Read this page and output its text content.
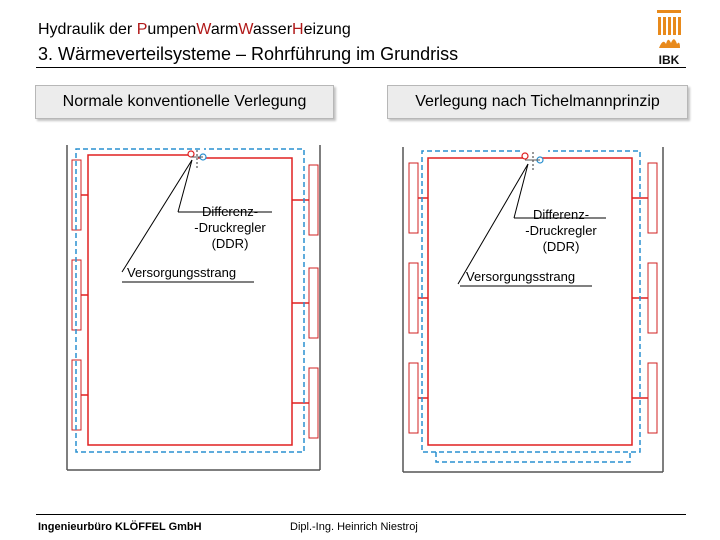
Hydraulik der PumpenWarmWasserHeizung
3. Wärmeverteilsysteme – Rohrführung im Grundriss	IBK
Normale konventionelle Verlegung	Verlegung nach Tichelmannprinzip
Differenz-
-Druckregler
(DDR)
Versorgungsstrang
Differenz-
-Druckregler
(DDR)
Versorgungsstrang
Ingenieurbüro KLÖFFEL GmbH	Dipl.-Ing. Heinrich Niestroj
